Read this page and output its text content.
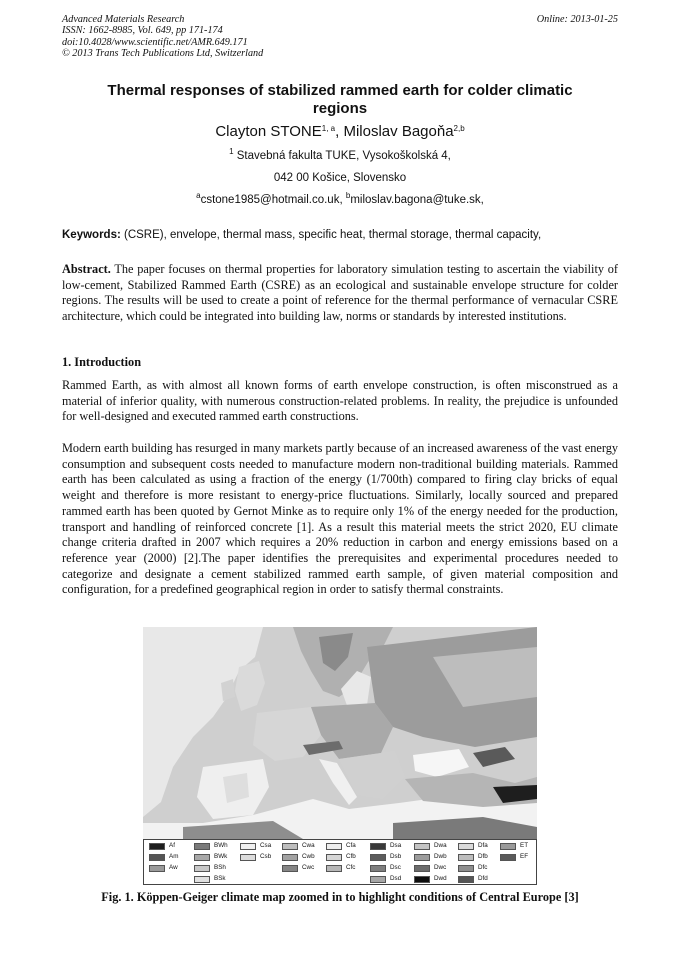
Advanced Materials Research
ISSN: 1662-8985, Vol. 649, pp 171-174
doi:10.4028/www.scientific.net/AMR.649.171
© 2013 Trans Tech Publications Ltd, Switzerland
Online: 2013-01-25
Thermal responses of stabilized rammed earth for colder climatic
regions
Clayton STONE$^{1, a}$, Miloslav Bagoňa$^{2,b}$
$^1$ Stavebná fakulta TUKE, Vysokoškolská 4,
042 00 Košice, Slovensko
$^a$cstone1985@hotmail.co.uk, $^b$miloslav.bagona@tuke.sk,
Keywords: (CSRE), envelope, thermal mass, specific heat, thermal storage, thermal capacity,
Abstract. The paper focuses on thermal properties for laboratory simulation testing to ascertain the viability of low-cement, Stabilized Rammed Earth (CSRE) as an ecological and sustainable envelope structure for colder regions. The results will be used to create a point of reference for the thermal performance of vernacular CSRE architecture, which could be integrated into building law, norms or standards by interested institutions.
1. Introduction
Rammed Earth, as with almost all known forms of earth envelope construction, is often misconstrued as a material of inferior quality, with numerous construction-related problems. In reality, the prejudice is unfounded for well-designed and executed rammed earth constructions.
Modern earth building has resurged in many markets partly because of an increased awareness of the vast energy consumption and subsequent costs needed to manufacture modern non-traditional building materials. Rammed earth has been calculated as using a fraction of the energy (1/700th) compared to firing clay bricks of equal weight and therefore is more resistant to energy-price fluctuations. Similarly, locally sourced and prepared rammed earth has been quoted by Gernot Minke as to require only 1% of the energy needed for the production, transport and handling of reinforced concrete [1]. As a result this material meets the strict 2020, EU climate change criteria drafted in 2007 which requires a 20% reduction in carbon and energy emissions based on a reference year (2000) [2].The paper identifies the prerequisites and experimental procedures needed to categorize and designate a cement stabilized rammed earth sample, of given material composition and configuration, for a predefined geographical region in order to satisfy thermal constraints.
Af
Am
Aw
BWh
BWk
BSh
BSk
Csa
Csb
Cwa
Cwb
Cwc
Cfa
Cfb
Cfc
Dsa
Dsb
Dsc
Dsd
Dwa
Dwb
Dwc
Dwd
Dfa
Dfb
Dfc
Dfd
ET
EF
Fig. 1. Köppen-Geiger climate map zoomed in to highlight conditions of Central Europe [3]
